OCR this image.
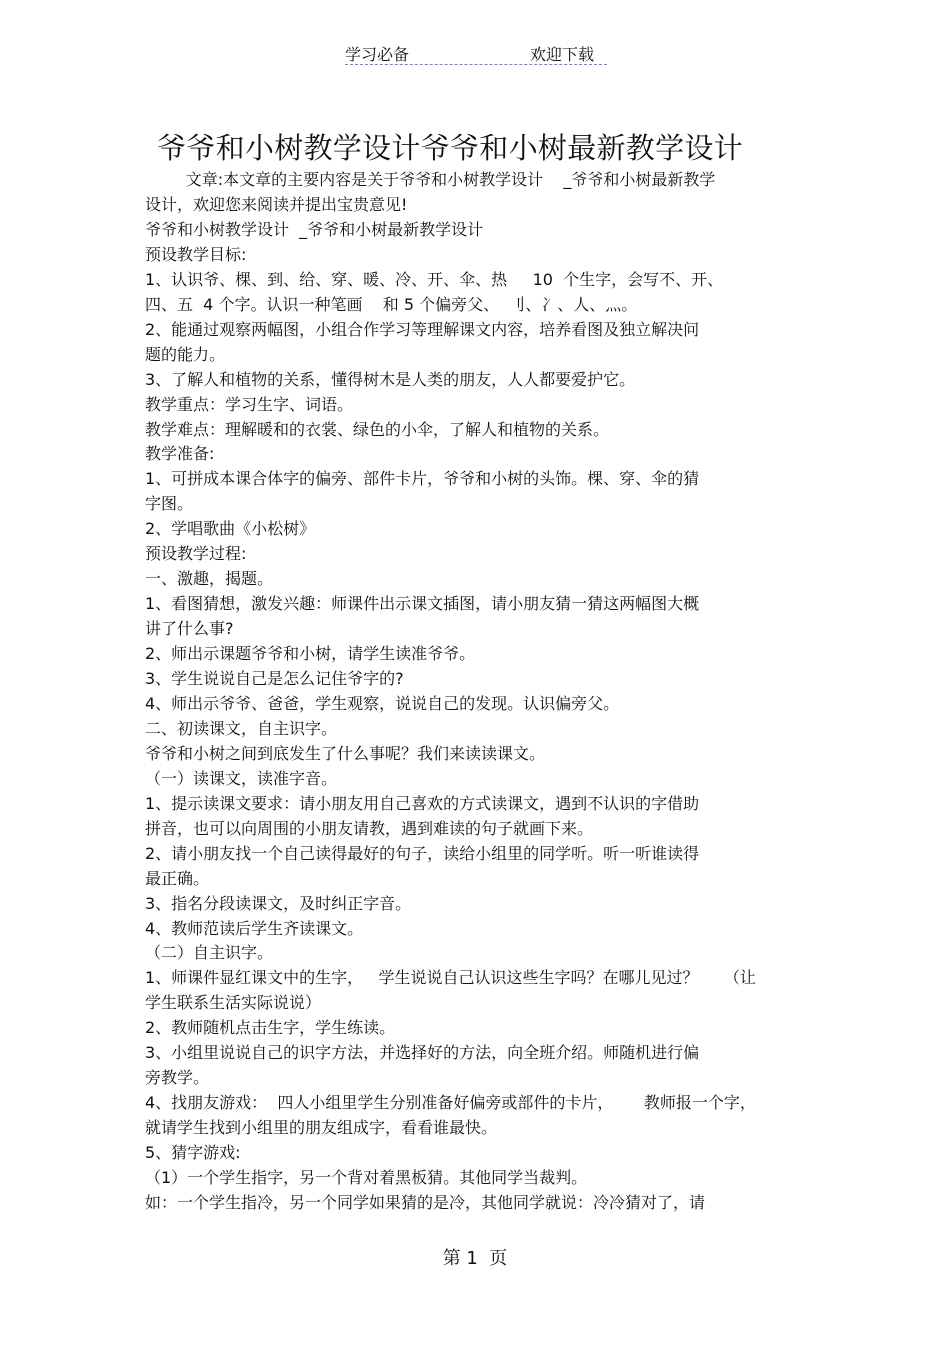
学习必备	欢迎下载
爷爷和小树教学设计爷爷和小树最新教学设计
文章:本文章的主要内容是关于爷爷和小树教学设计    _爷爷和小树最新教学
设计，欢迎您来阅读并提出宝贵意见!
爷爷和小树教学设计  _爷爷和小树最新教学设计
预设教学目标:
1、认识爷、棵、到、给、穿、暖、冷、开、伞、热     10  个生字，会写不、开、
四、五  4 个字。认识一种笔画    和 5 个偏旁父、  刂、冫、人、灬。
2、能通过观察两幅图，小组合作学习等理解课文内容，培养看图及独立解决问
题的能力。
3、了解人和植物的关系，懂得树木是人类的朋友，人人都要爱护它。
教学重点：学习生字、词语。
教学难点：理解暖和的衣裳、绿色的小伞，了解人和植物的关系。
教学准备:
1、可拼成本课合体字的偏旁、部件卡片，爷爷和小树的头饰。棵、穿、伞的猜
字图。
2、学唱歌曲《小松树》
预设教学过程:
一、激趣，揭题。
1、看图猜想，激发兴趣：师课件出示课文插图，请小朋友猜一猜这两幅图大概
讲了什么事?
2、师出示课题爷爷和小树，请学生读准爷爷。
3、学生说说自己是怎么记住爷字的?
4、师出示爷爷、爸爸，学生观察，说说自己的发现。认识偏旁父。
二、初读课文，自主识字。
爷爷和小树之间到底发生了什么事呢？我们来读读课文。
（一）读课文，读准字音。
1、提示读课文要求：请小朋友用自己喜欢的方式读课文，遇到不认识的字借助
拼音，也可以向周围的小朋友请教，遇到难读的句子就画下来。
2、请小朋友找一个自己读得最好的句子，读给小组里的同学听。听一听谁读得
最正确。
3、指名分段读课文，及时纠正字音。
4、教师范读后学生齐读课文。
（二）自主识字。
1、师课件显红课文中的生字，   学生说说自己认识这些生字吗？在哪儿见过？     （让
学生联系生活实际说说）
2、教师随机点击生字，学生练读。
3、小组里说说自己的识字方法，并选择好的方法，向全班介绍。师随机进行偏
旁教学。
4、找朋友游戏：  四人小组里学生分别准备好偏旁或部件的卡片，      教师报一个字，
就请学生找到小组里的朋友组成字，看看谁最快。
5、猜字游戏:
（1）一个学生指字，另一个背对着黑板猜。其他同学当裁判。
如：一个学生指冷，另一个同学如果猜的是冷，其他同学就说：冷冷猜对了，请
第 1  页
